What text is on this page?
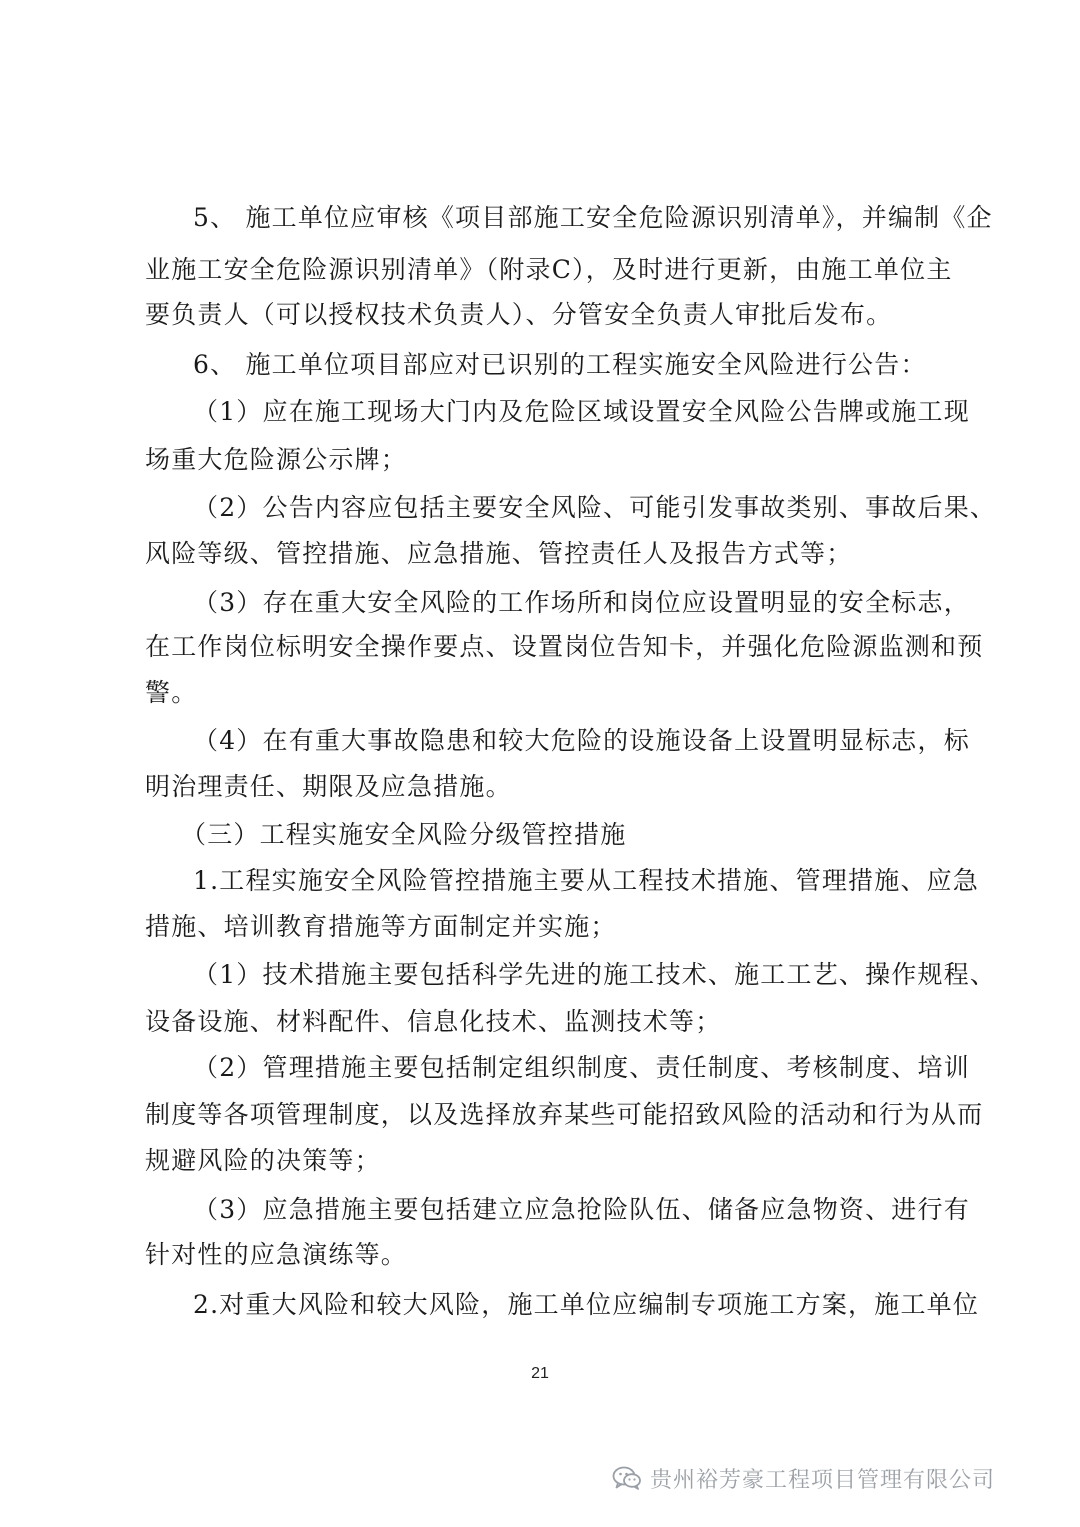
5、 施工单位应审核《项目部施工安全危险源识别清单》，并编制《企
业施工安全危险源识别清单》（附录C），及时进行更新，由施工单位主
要负责人（可以授权技术负责人）、分管安全负责人审批后发布。
6、 施工单位项目部应对已识别的工程实施安全风险进行公告：
（1）应在施工现场大门内及危险区域设置安全风险公告牌或施工现
场重大危险源公示牌；
（2）公告内容应包括主要安全风险、可能引发事故类别、事故后果、
风险等级、管控措施、应急措施、管控责任人及报告方式等；
（3）存在重大安全风险的工作场所和岗位应设置明显的安全标志，
在工作岗位标明安全操作要点、设置岗位告知卡，并强化危险源监测和预
警。
（4）在有重大事故隐患和较大危险的设施设备上设置明显标志，标
明治理责任、期限及应急措施。
（三）工程实施安全风险分级管控措施
1.工程实施安全风险管控措施主要从工程技术措施、管理措施、应急
措施、培训教育措施等方面制定并实施；
（1）技术措施主要包括科学先进的施工技术、施工工艺、操作规程、
设备设施、材料配件、信息化技术、监测技术等；
（2）管理措施主要包括制定组织制度、责任制度、考核制度、培训
制度等各项管理制度，以及选择放弃某些可能招致风险的活动和行为从而
规避风险的决策等；
（3）应急措施主要包括建立应急抢险队伍、储备应急物资、进行有
针对性的应急演练等。
2.对重大风险和较大风险，施工单位应编制专项施工方案，施工单位
21
贵州裕芳豪工程项目管理有限公司
